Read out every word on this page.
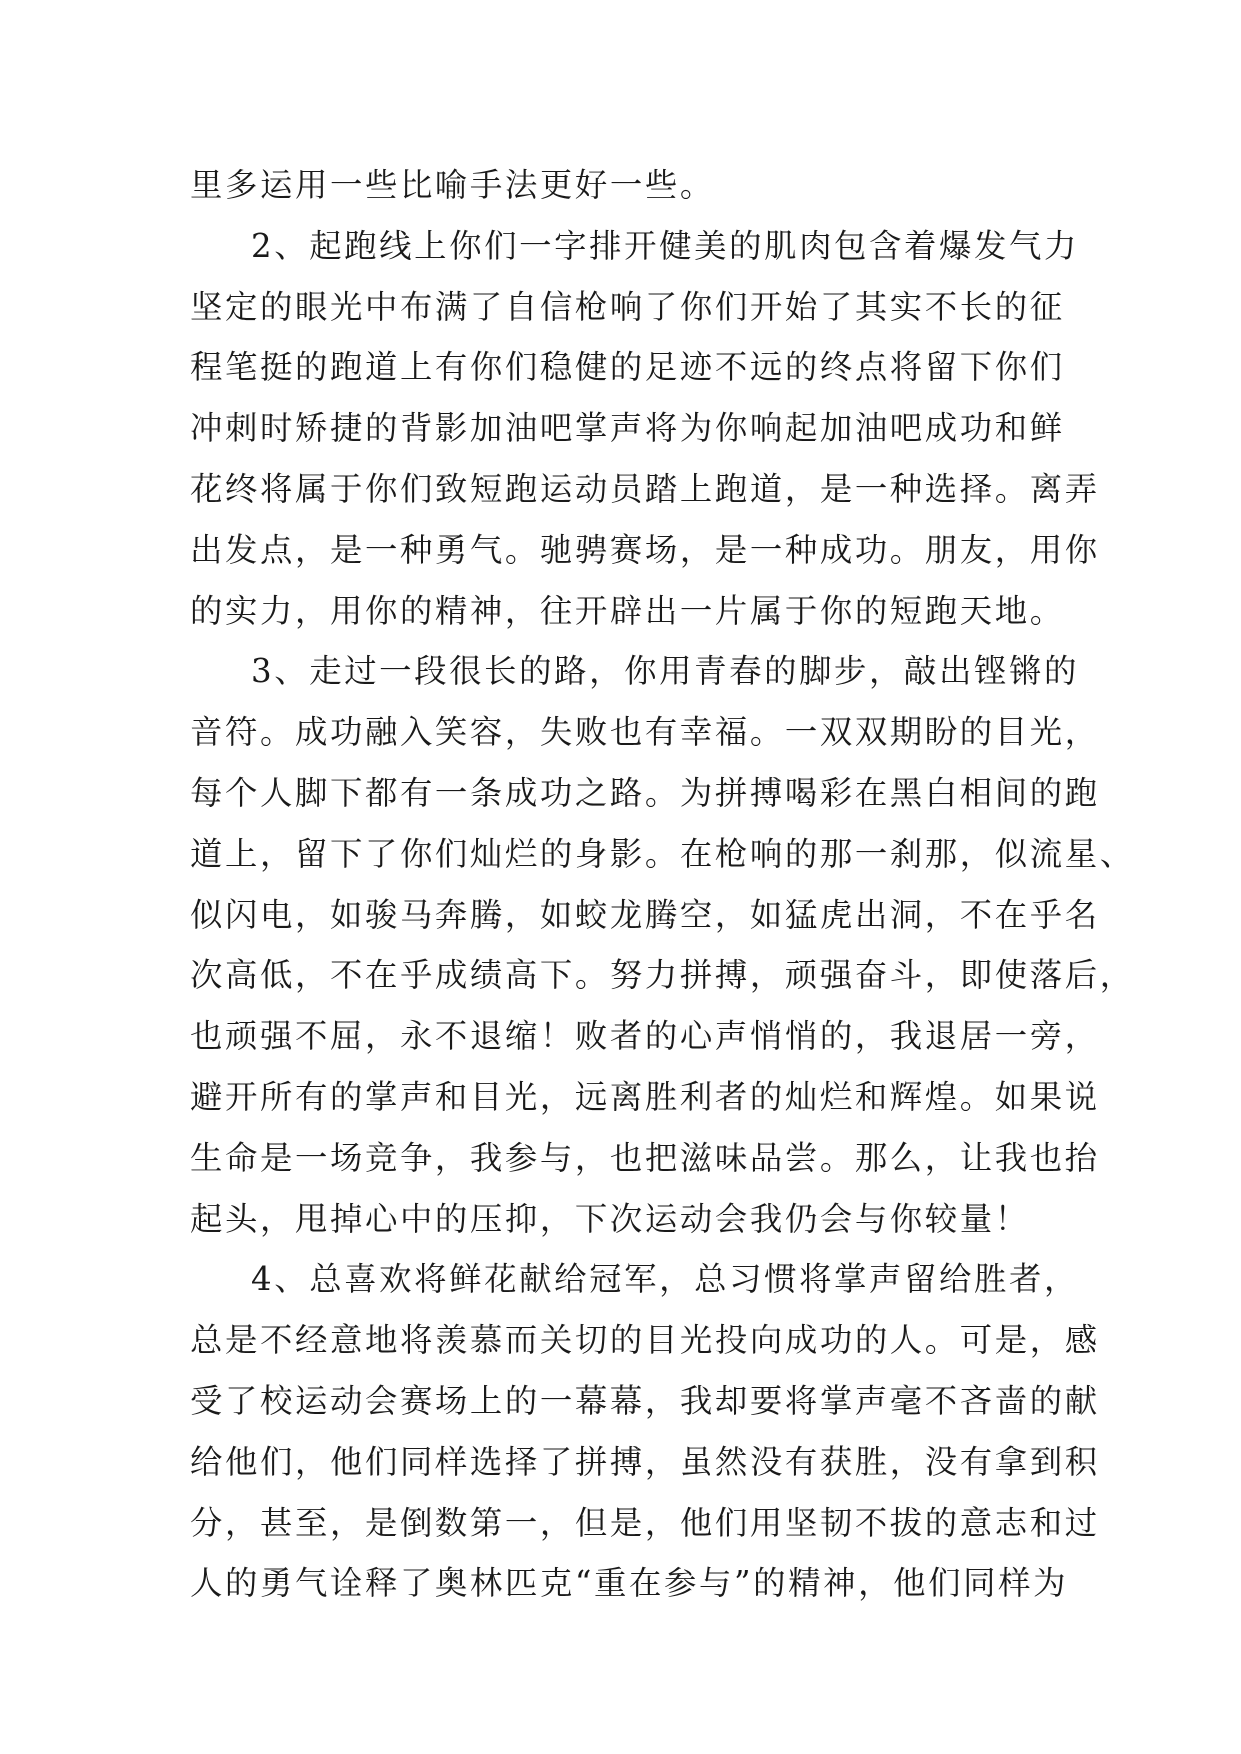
里多运用一些比喻手法更好一些。
2、起跑线上你们一字排开健美的肌肉包含着爆发气力
坚定的眼光中布满了自信枪响了你们开始了其实不长的征
程笔挺的跑道上有你们稳健的足迹不远的终点将留下你们
冲刺时矫捷的背影加油吧掌声将为你响起加油吧成功和鲜
花终将属于你们致短跑运动员踏上跑道，是一种选择。离弄
出发点，是一种勇气。驰骋赛场，是一种成功。朋友，用你
的实力，用你的精神，往开辟出一片属于你的短跑天地。
3、走过一段很长的路，你用青春的脚步，敲出铿锵的
音符。成功融入笑容，失败也有幸福。一双双期盼的目光，
每个人脚下都有一条成功之路。为拼搏喝彩在黑白相间的跑
道上，留下了你们灿烂的身影。在枪响的那一刹那，似流星、
似闪电，如骏马奔腾，如蛟龙腾空，如猛虎出洞，不在乎名
次高低，不在乎成绩高下。努力拼搏，顽强奋斗，即使落后，
也顽强不屈，永不退缩！败者的心声悄悄的，我退居一旁，
避开所有的掌声和目光，远离胜利者的灿烂和辉煌。如果说
生命是一场竞争，我参与，也把滋味品尝。那么，让我也抬
起头，甩掉心中的压抑，下次运动会我仍会与你较量！
4、总喜欢将鲜花献给冠军，总习惯将掌声留给胜者，
总是不经意地将羡慕而关切的目光投向成功的人。可是，感
受了校运动会赛场上的一幕幕，我却要将掌声毫不吝啬的献
给他们，他们同样选择了拼搏，虽然没有获胜，没有拿到积
分，甚至，是倒数第一，但是，他们用坚韧不拔的意志和过
人的勇气诠释了奥林匹克“重在参与”的精神，他们同样为
